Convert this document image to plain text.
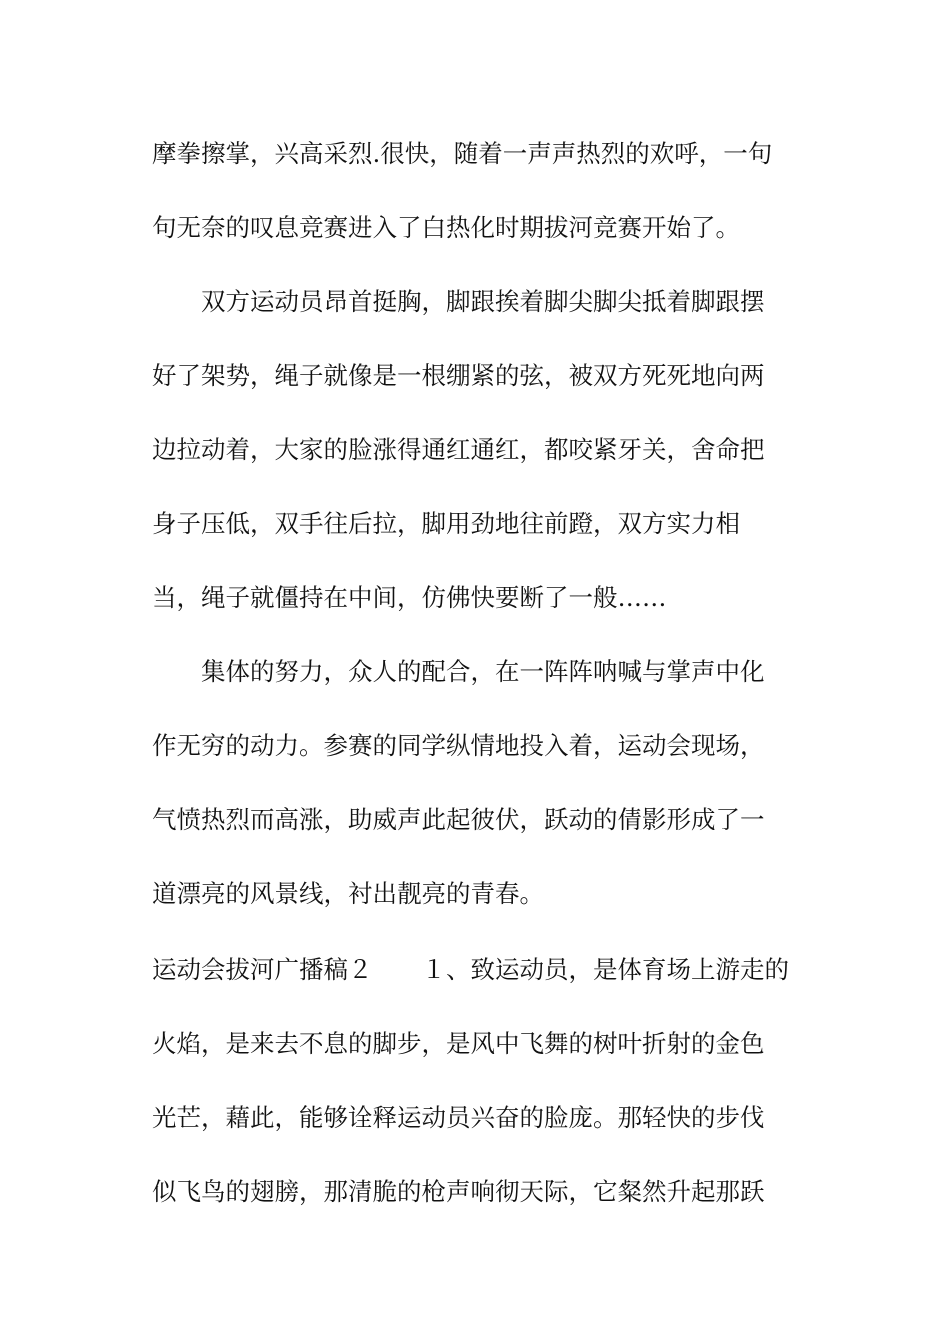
摩拳擦掌，兴高采烈.很快，随着一声声热烈的欢呼，一句
句无奈的叹息竞赛进入了白热化时期拔河竞赛开始了。
双方运动员昂首挺胸，脚跟挨着脚尖脚尖抵着脚跟摆
好了架势，绳子就像是一根绷紧的弦，被双方死死地向两
边拉动着，大家的脸涨得通红通红，都咬紧牙关，舍命把
身子压低，双手往后拉，脚用劲地往前蹬，双方实力相
当，绳子就僵持在中间，仿佛快要断了一般……
集体的努力，众人的配合，在一阵阵呐喊与掌声中化
作无穷的动力。参赛的同学纵情地投入着，运动会现场，
气愤热烈而高涨，助威声此起彼伏，跃动的倩影形成了一
道漂亮的风景线，衬出靓亮的青春。
运动会拔河广播稿２　　１、致运动员，是体育场上游走的
火焰，是来去不息的脚步，是风中飞舞的树叶折射的金色
光芒，藉此，能够诠释运动员兴奋的脸庞。那轻快的步伐
似飞鸟的翅膀，那清脆的枪声响彻天际，它粲然升起那跃
